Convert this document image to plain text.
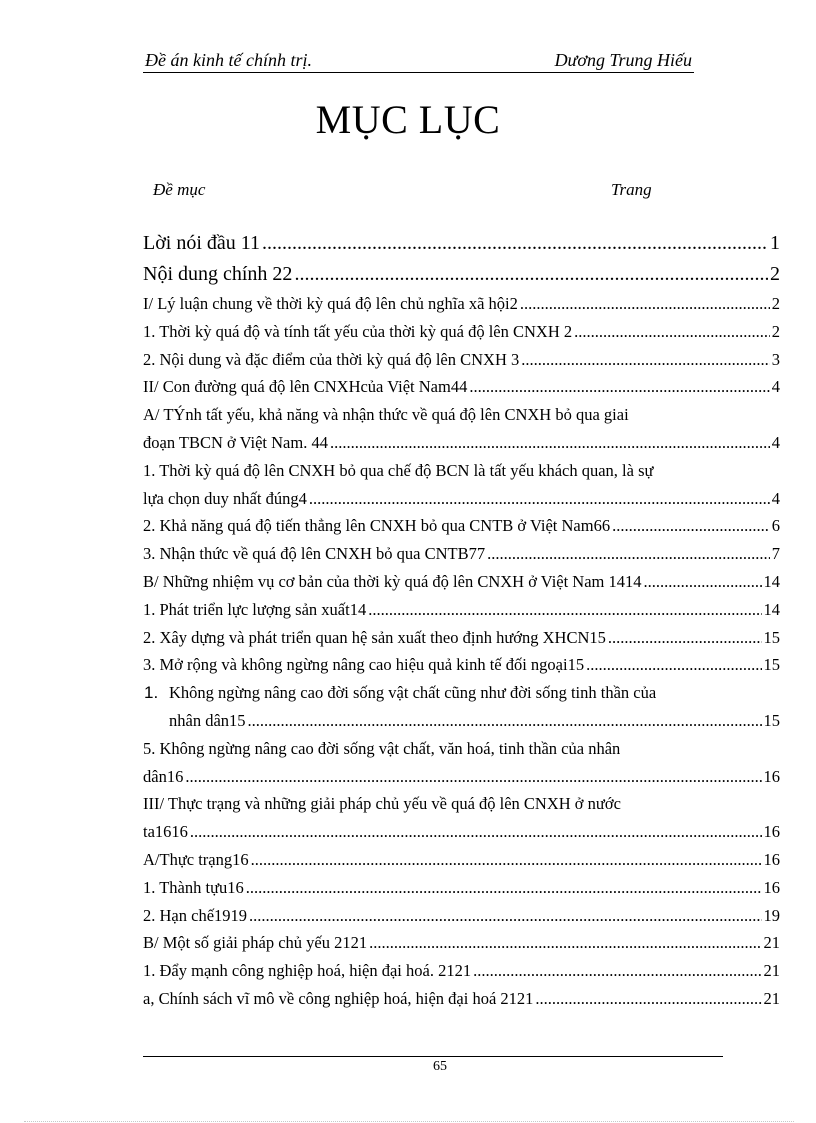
Đề án kinh tế chính trị.	Dương Trung Hiếu
MỤC LỤC
Đề mục	Trang
Lời nói đầu 11 .....	1
Nội dung chính 22 .....	2
I/ Lý luận chung về thời kỳ quá độ lên chủ nghĩa xã hội2 .....	2
1. Thời kỳ quá độ và tính tất yếu của thời kỳ quá độ lên CNXH 2 .....	2
2. Nội dung và đặc điểm của thời kỳ quá độ lên CNXH 3 .....	3
II/ Con đường quá độ lên CNXHcủa Việt Nam44 .....	4
A/ TÝnh tất yếu, khả năng và nhận thức về quá độ lên CNXH bỏ qua giai
đoạn TBCN ở Việt Nam. 44 .....	4
1. Thời kỳ quá độ lên CNXH bỏ qua chế độ BCN là tất yếu khách quan, là sự
lựa chọn duy nhất đúng4 .....	4
2. Khả năng quá độ tiến thẳng lên CNXH bỏ qua CNTB ở Việt Nam66 .....	6
3. Nhận thức về quá độ lên CNXH bỏ qua CNTB77 .....	7
B/ Những nhiệm vụ cơ bản của thời kỳ quá độ lên CNXH ở Việt Nam 1414 .....	14
1. Phát triển lực lượng sản xuất14 .....	14
2. Xây dựng và phát triển quan hệ sản xuất theo định hướng XHCN15 .....	15
3. Mở rộng và không ngừng nâng cao hiệu quả kinh tế đối ngoại15 .....	15
1. Không ngừng nâng cao đời sống vật chất cũng như đời sống tinh thần của
nhân dân15 .....	15
5. Không ngừng nâng cao đời sống vật chất, văn hoá, tinh thần của nhân
dân16 .....	16
III/ Thực trạng và những giải pháp chủ yếu về quá độ lên CNXH ở nước
ta1616 .....	16
A/Thực trạng16 .....	16
1. Thành tựu16 .....	16
2. Hạn chế1919 .....	19
B/ Một số giải pháp chủ yếu 2121 .....	21
1. Đẩy mạnh công nghiệp hoá, hiện đại hoá. 2121 .....	21
a, Chính sách vĩ mô về công nghiệp hoá, hiện đại hoá 2121 .....	21
65
